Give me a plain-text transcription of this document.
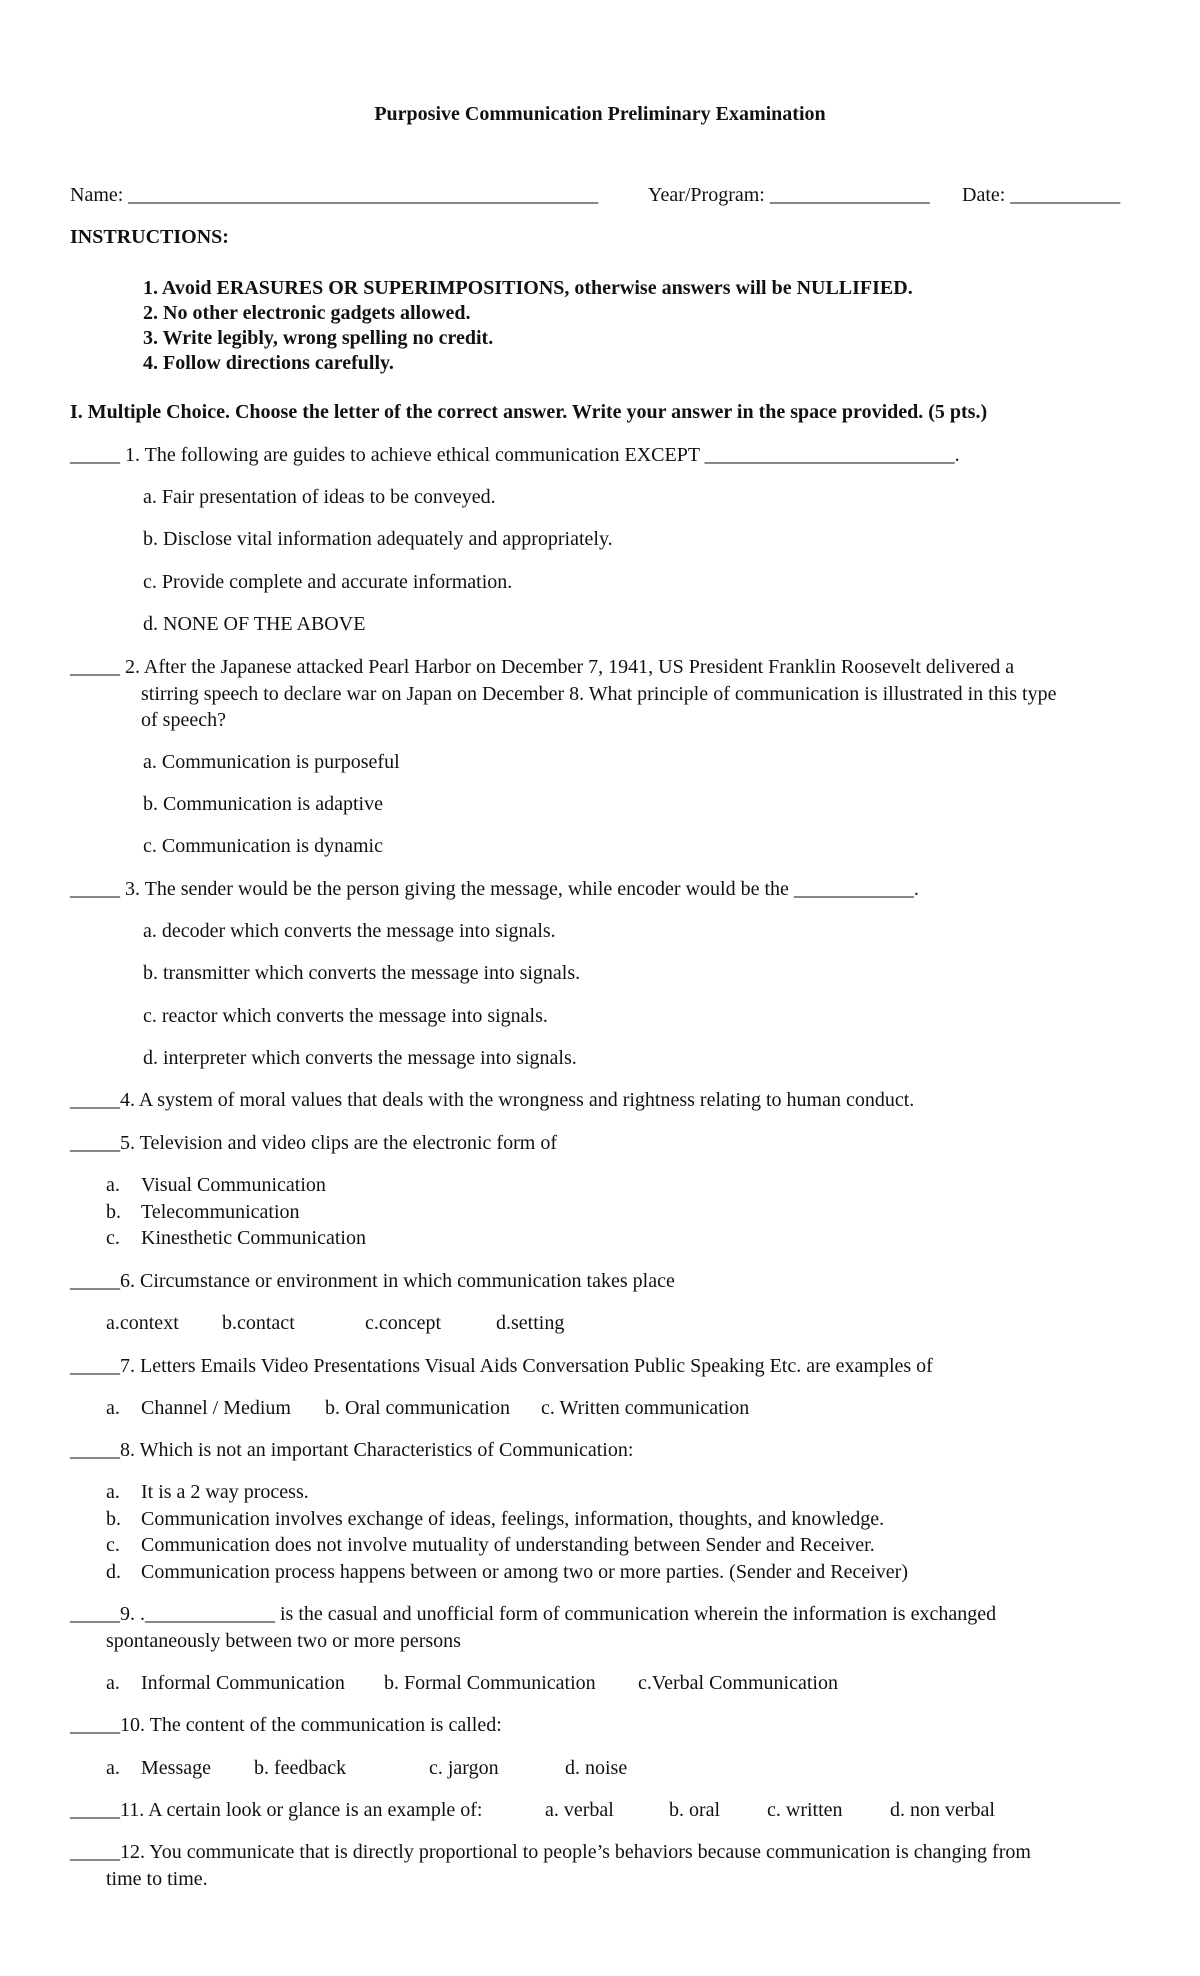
Purposive Communication Preliminary Examination
Name: _______________________________________________ Year/Program: ________________ Date: ___________
INSTRUCTIONS:
1. Avoid ERASURES OR SUPERIMPOSITIONS, otherwise answers will be NULLIFIED.
2. No other electronic gadgets allowed.
3. Write legibly, wrong spelling no credit.
4. Follow directions carefully.
I. Multiple Choice. Choose the letter of the correct answer. Write your answer in the space provided. (5 pts.)
_____ 1. The following are guides to achieve ethical communication EXCEPT _________________________.
a. Fair presentation of ideas to be conveyed.
b. Disclose vital information adequately and appropriately.
c. Provide complete and accurate information.
d. NONE OF THE ABOVE
_____ 2. After the Japanese attacked Pearl Harbor on December 7, 1941, US President Franklin Roosevelt delivered a
stirring speech to declare war on Japan on December 8. What principle of communication is illustrated in this type
of speech?
a. Communication is purposeful
b. Communication is adaptive
c. Communication is dynamic
_____ 3. The sender would be the person giving the message, while encoder would be the ____________.
a. decoder which converts the message into signals.
b. transmitter which converts the message into signals.
c. reactor which converts the message into signals.
d. interpreter which converts the message into signals.
_____4. A system of moral values that deals with the wrongness and rightness relating to human conduct.
_____5. Television and video clips are the electronic form of
a. Visual Communication
b. Telecommunication
c. Kinesthetic Communication
_____6. Circumstance or environment in which communication takes place
a.context b.contact	c.concept	d.setting
_____7. Letters Emails Video Presentations Visual Aids Conversation Public Speaking Etc. are examples of
a. Channel / Medium b. Oral communication c. Written communication
_____8. Which is not an important Characteristics of Communication:
a. It is a 2 way process.
b. Communication involves exchange of ideas, feelings, information, thoughts, and knowledge.
c. Communication does not involve mutuality of understanding between Sender and Receiver.
d. Communication process happens between or among two or more parties. (Sender and Receiver)
_____9. ._____________ is the casual and unofficial form of communication wherein the information is exchanged
spontaneously between two or more persons
a. Informal Communication b. Formal Communication c.Verbal Communication
_____10. The content of the communication is called:
a. Message b. feedback	c. jargon	d. noise
_____11. A certain look or glance is an example of:	a. verbal	b. oral c. written d. non verbal
_____12. You communicate that is directly proportional to people’s behaviors because communication is changing from
time to time.
